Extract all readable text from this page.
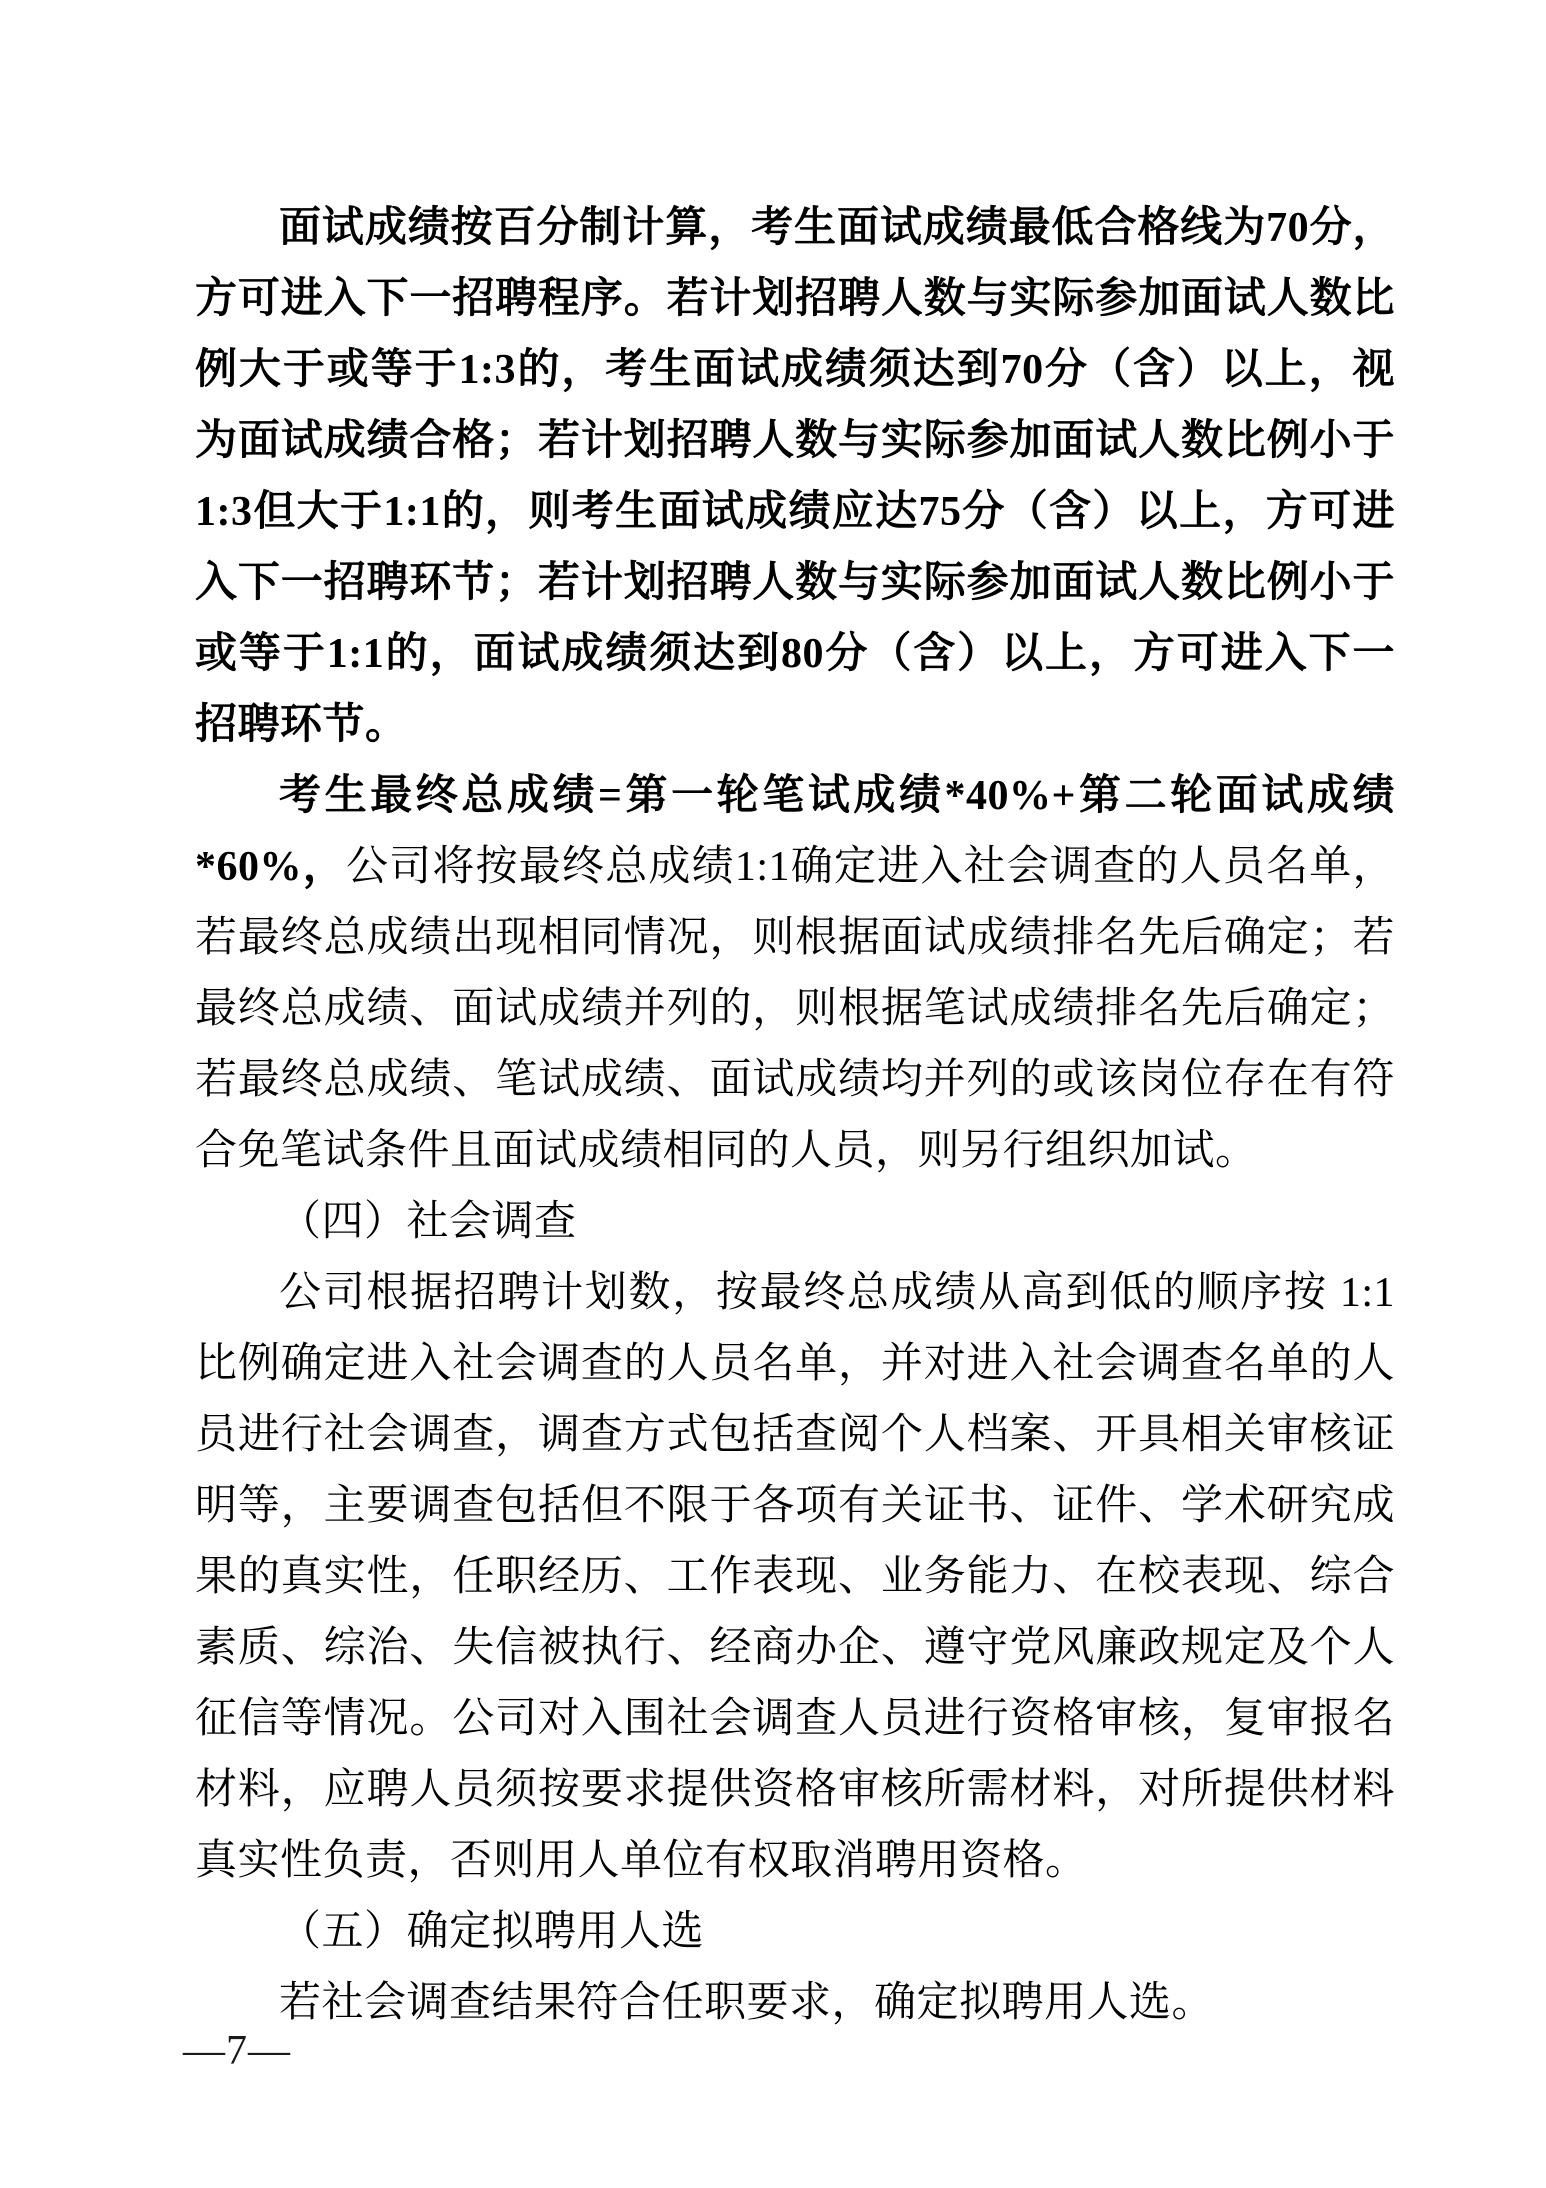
面试成绩按百分制计算，考生面试成绩最低合格线为70分，方可进入下一招聘程序。若计划招聘人数与实际参加面试人数比例大于或等于1:3的，考生面试成绩须达到70分（含）以上，视为面试成绩合格；若计划招聘人数与实际参加面试人数比例小于1:3但大于1:1的，则考生面试成绩应达75分（含）以上，方可进入下一招聘环节；若计划招聘人数与实际参加面试人数比例小于或等于1:1的，面试成绩须达到80分（含）以上，方可进入下一招聘环节。

考生最终总成绩=第一轮笔试成绩*40%+第二轮面试成绩*60%，公司将按最终总成绩1:1确定进入社会调查的人员名单，若最终总成绩出现相同情况，则根据面试成绩排名先后确定；若最终总成绩、面试成绩并列的，则根据笔试成绩排名先后确定；若最终总成绩、笔试成绩、面试成绩均并列的或该岗位存在有符合免笔试条件且面试成绩相同的人员，则另行组织加试。

（四）社会调查

公司根据招聘计划数，按最终总成绩从高到低的顺序按 1:1 比例确定进入社会调查的人员名单，并对进入社会调查名单的人员进行社会调查，调查方式包括查阅个人档案、开具相关审核证明等，主要调查包括但不限于各项有关证书、证件、学术研究成果的真实性，任职经历、工作表现、业务能力、在校表现、综合素质、综治、失信被执行、经商办企、遵守党风廉政规定及个人征信等情况。公司对入围社会调查人员进行资格审核，复审报名材料，应聘人员须按要求提供资格审核所需材料，对所提供材料真实性负责，否则用人单位有权取消聘用资格。

（五）确定拟聘用人选

若社会调查结果符合任职要求，确定拟聘用人选。

—7—
